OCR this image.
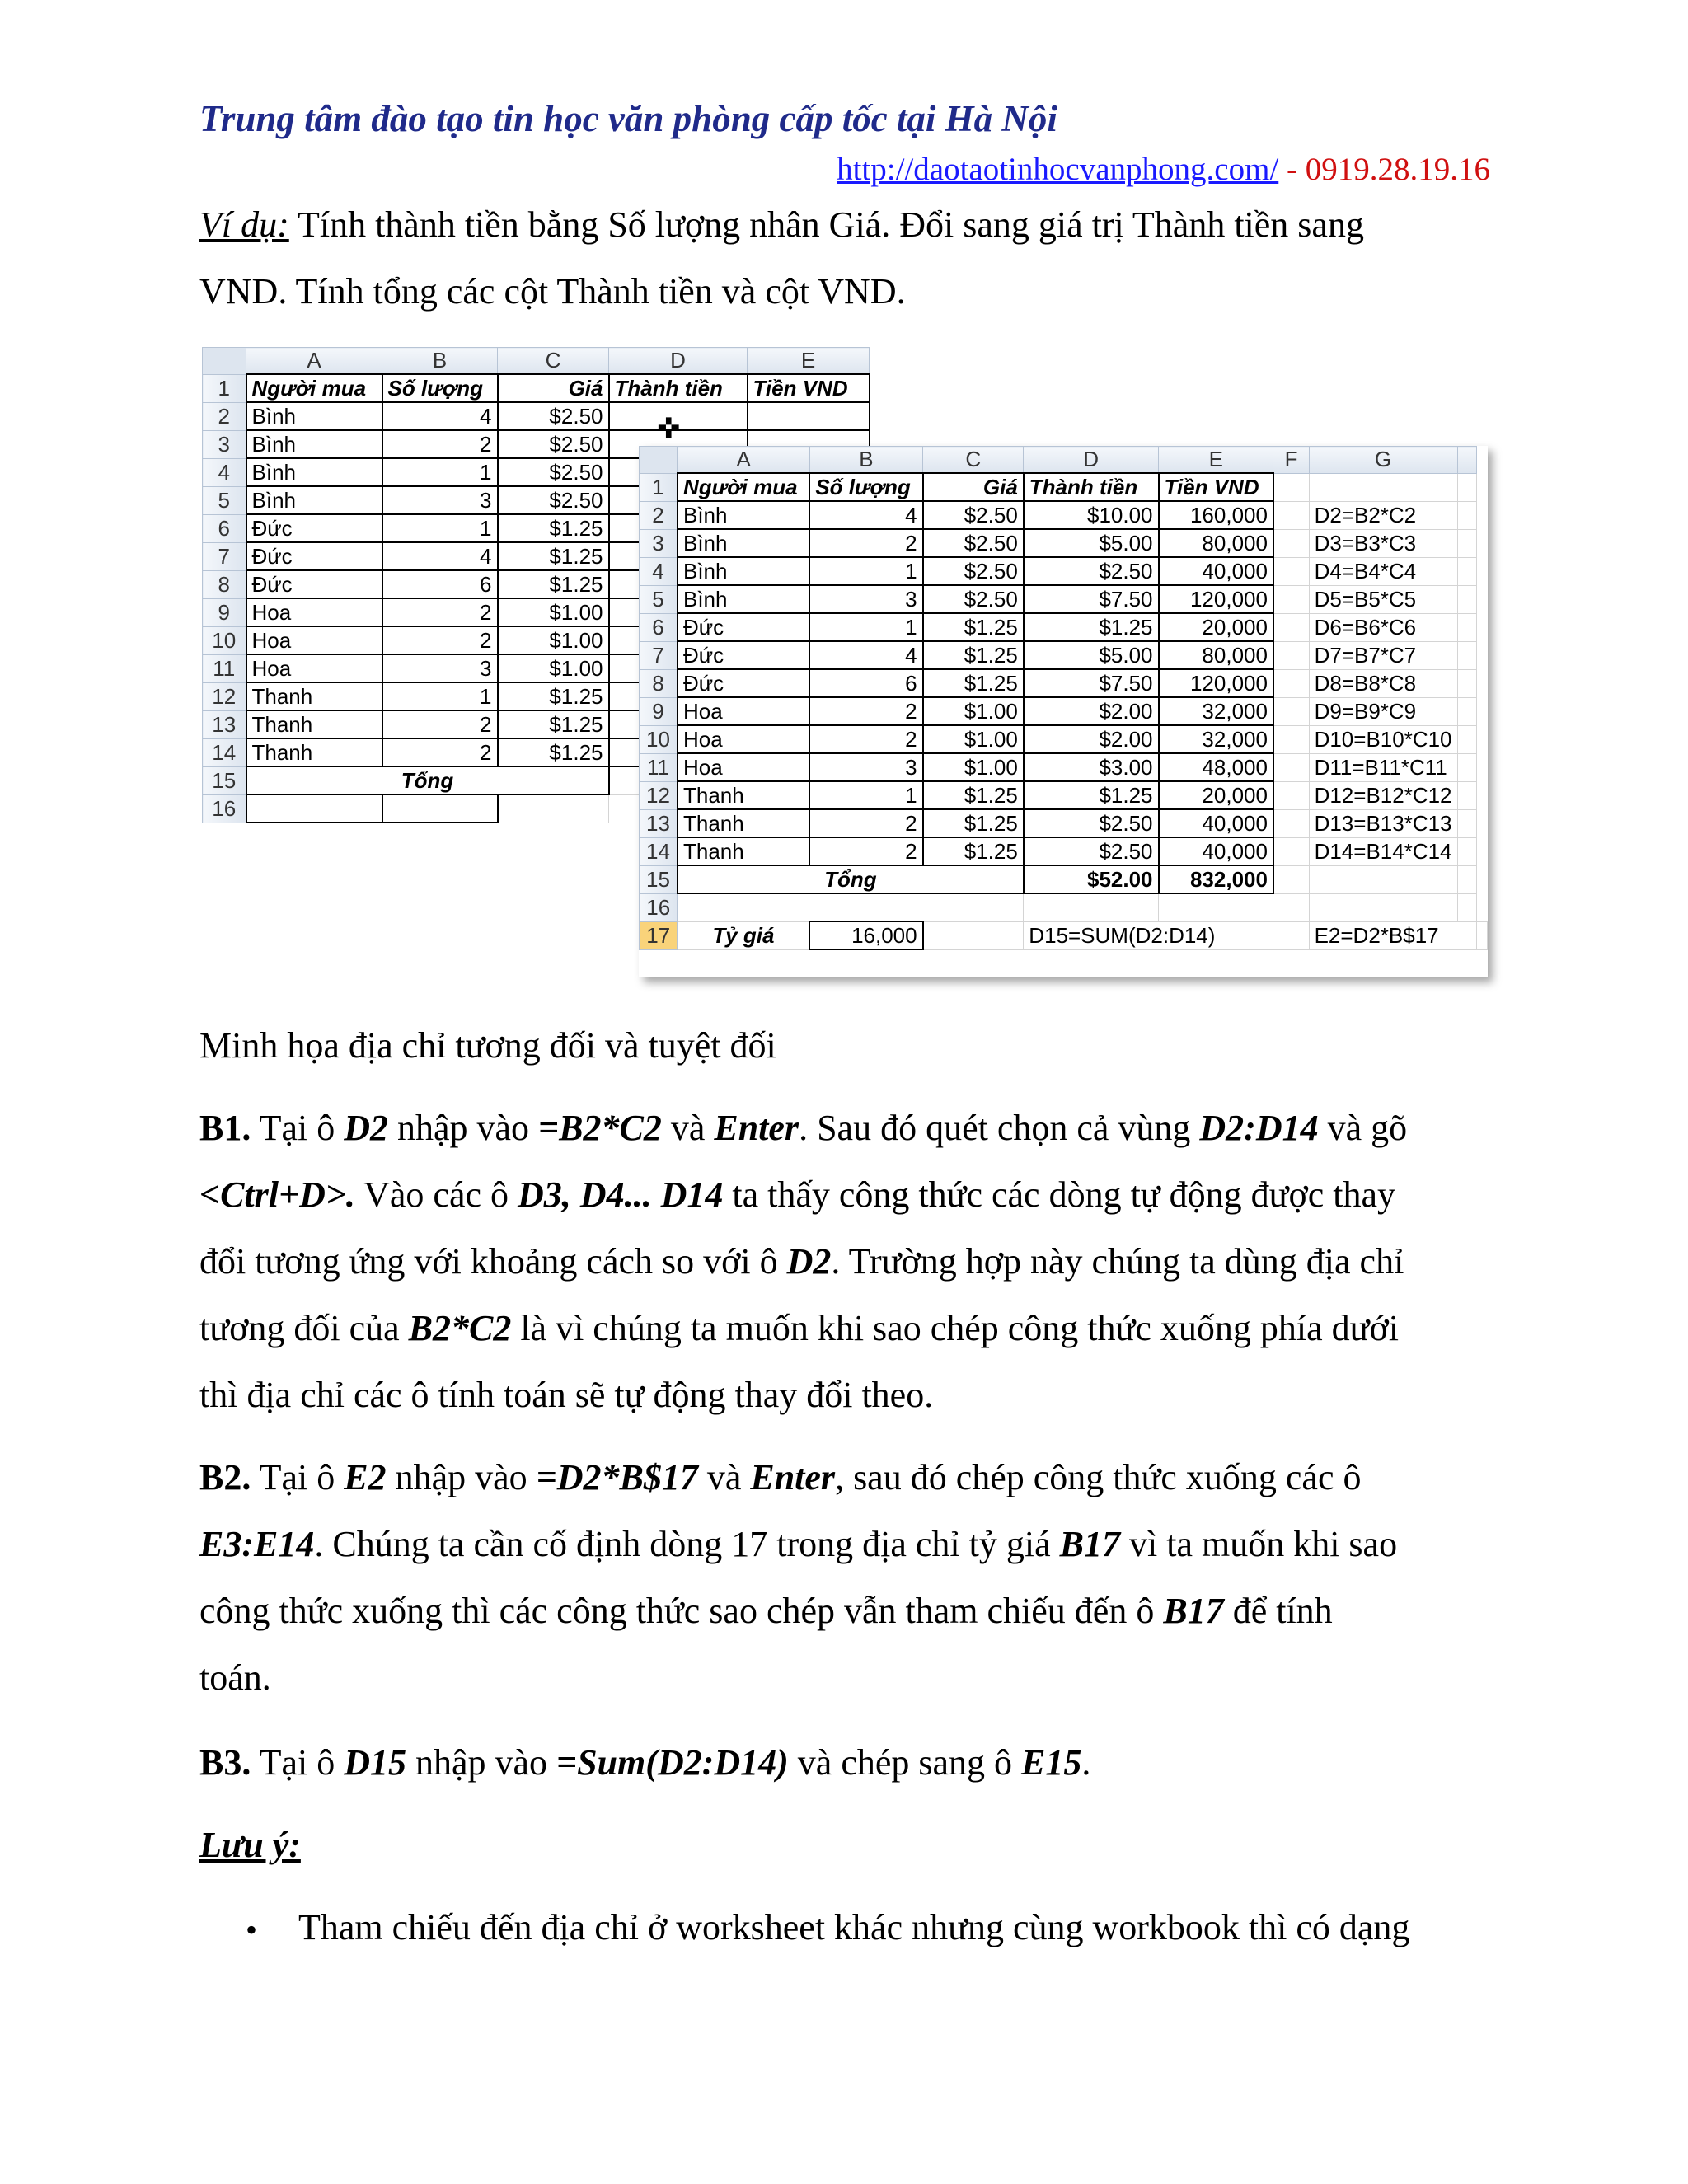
Trung tâm đào tạo tin học văn phòng cấp tốc tại Hà Nội
http://daotaotinhocvanphong.com/ - 0919.28.19.16
Ví dụ: Tính thành tiền bằng Số lượng nhân Giá. Đổi sang giá trị Thành tiền sang
VND. Tính tổng các cột Thành tiền và cột VND.
	A	B	C	D	E
1	Người mua	Số lượng	Giá	Thành tiền	Tiền VND
2	Bình	4	$2.50		
3	Bình	2	$2.50		
4	Bình	1	$2.50		
5	Bình	3	$2.50		
6	Đức	1	$1.25		
7	Đức	4	$1.25		
8	Đức	6	$1.25		
9	Hoa	2	$1.00		
10	Hoa	2	$1.00		
11	Hoa	3	$1.00		
12	Thanh	1	$1.25		
13	Thanh	2	$1.25		
14	Thanh	2	$1.25		
15	Tổng				
16					
✜
	A	B	C	D	E	F	G		
1	Người mua	Số lượng	Giá	Thành tiền	Tiền VND				
2	Bình	4	$2.50	$10.00	160,000		D2=B2*C2		
3	Bình	2	$2.50	$5.00	80,000		D3=B3*C3		
4	Bình	1	$2.50	$2.50	40,000		D4=B4*C4		
5	Bình	3	$2.50	$7.50	120,000		D5=B5*C5		
6	Đức	1	$1.25	$1.25	20,000		D6=B6*C6		
7	Đức	4	$1.25	$5.00	80,000		D7=B7*C7		
8	Đức	6	$1.25	$7.50	120,000		D8=B8*C8		
9	Hoa	2	$1.00	$2.00	32,000		D9=B9*C9		
10	Hoa	2	$1.00	$2.00	32,000		D10=B10*C10		
11	Hoa	3	$1.00	$3.00	48,000		D11=B11*C11		
12	Thanh	1	$1.25	$1.25	20,000		D12=B12*C12		
13	Thanh	2	$1.25	$2.50	40,000		D13=B13*C13		
14	Thanh	2	$1.25	$2.50	40,000		D14=B14*C14		
15	Tổng			$52.00	832,000				
16									
17	Tỷ giá	16,000		D15=SUM(D2:D14)			E2=D2*B$17		
Minh họa địa chỉ tương đối và tuyệt đối
B1. Tại ô D2 nhập vào =B2*C2 và Enter. Sau đó quét chọn cả vùng D2:D14 và gõ
<Ctrl+D>. Vào các ô D3, D4... D14 ta thấy công thức các dòng tự động được thay
đổi tương ứng với khoảng cách so với ô D2. Trường hợp này chúng ta dùng địa chỉ
tương đối của B2*C2 là vì chúng ta muốn khi sao chép công thức xuống phía dưới
thì địa chỉ các ô tính toán sẽ tự động thay đổi theo.
B2. Tại ô E2 nhập vào =D2*B$17 và Enter, sau đó chép công thức xuống các ô
E3:E14. Chúng ta cần cố định dòng 17 trong địa chỉ tỷ giá B17 vì ta muốn khi sao
công thức xuống thì các công thức sao chép vẫn tham chiếu đến ô B17 để tính
toán.
B3. Tại ô D15 nhập vào =Sum(D2:D14) và chép sang ô E15.
Lưu ý:
• Tham chiếu đến địa chỉ ở worksheet khác nhưng cùng workbook thì có dạng
